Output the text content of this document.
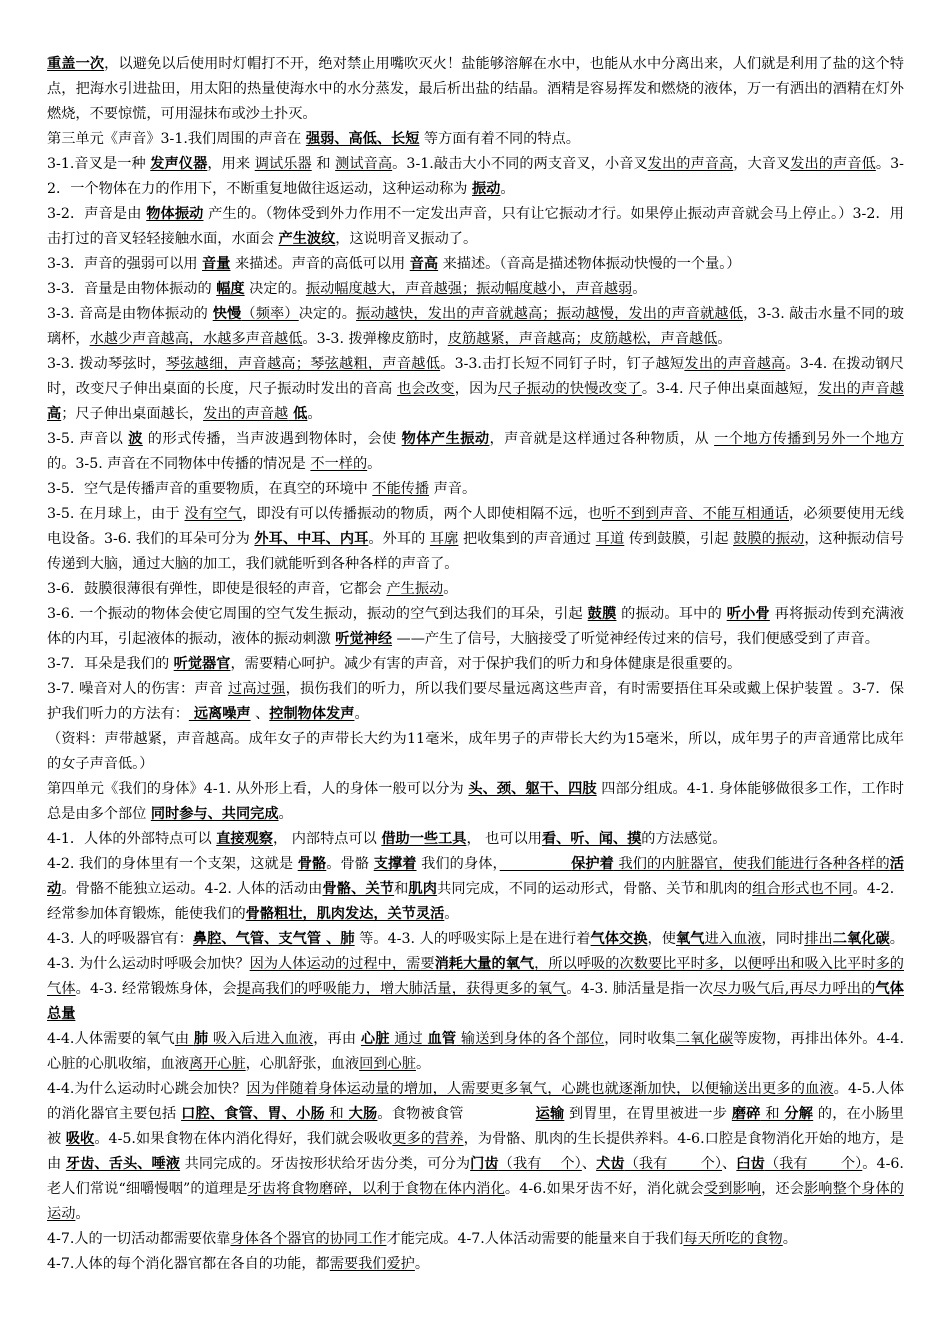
重盖一次，以避免以后使用时灯帽打不开，绝对禁止用嘴吹灭火！盐能够溶解在水中，也能从水中分离出来，人们就是利用了盐的这个特点，把海水引进盐田，用太阳的热量使海水中的水分蒸发，最后析出盐的结晶。酒精是容易挥发和燃烧的液体，万一有洒出的酒精在灯外燃烧，不要惊慌，可用湿抹布或沙土扑灭。

第三单元《声音》3-1.我们周围的声音在 强弱、高低、长短 等方面有着不同的特点。

3-1.音叉是一种 发声仪器，用来 调试乐器 和 测试音高。3-1.敲击大小不同的两支音叉，小音叉发出的声音高，大音叉发出的声音低。3-2．一个物体在力的作用下，不断重复地做往返运动，这种运动称为 振动。

3-2．声音是由 物体振动 产生的。（物体受到外力作用不一定发出声音，只有让它振动才行。如果停止振动声音就会马上停止。）3-2．用击打过的音叉轻轻接触水面，水面会 产生波纹，这说明音叉振动了。

3-3．声音的强弱可以用 音量 来描述。声音的高低可以用 音高 来描述。（音高是描述物体振动快慢的一个量。）

3-3．音量是由物体振动的 幅度 决定的。振动幅度越大，声音越强；振动幅度越小，声音越弱。

3-3. 音高是由物体振动的 快慢（频率）决定的。振动越快，发出的声音就越高；振动越慢，发出的声音就越低，3-3. 敲击水量不同的玻璃杯，水越少声音越高，水越多声音越低。3-3. 拨弹橡皮筋时，皮筋越紧，声音越高；皮筋越松，声音越低。

3-3. 拨动琴弦时，琴弦越细，声音越高；琴弦越粗，声音越低。3-3.击打长短不同钉子时，钉子越短发出的声音越高。3-4. 在拨动钢尺时，改变尺子伸出桌面的长度，尺子振动时发出的音高 也会改变，因为尺子振动的快慢改变了。3-4. 尺子伸出桌面越短，发出的声音越 高；尺子伸出桌面越长，发出的声音越 低。

3-5. 声音以 波 的形式传播，当声波遇到物体时，会使 物体产生振动，声音就是这样通过各种物质，从 一个地方传播到另外一个地方 的。3-5. 声音在不同物体中传播的情况是 不一样的。

3-5．空气是传播声音的重要物质，在真空的环境中 不能传播 声音。

3-5. 在月球上，由于 没有空气，即没有可以传播振动的物质，两个人即使相隔不远，也听不到到声音、不能互相通话，必须要使用无线电设备。3-6. 我们的耳朵可分为 外耳、中耳、内耳。外耳的 耳廓 把收集到的声音通过 耳道 传到鼓膜，引起 鼓膜的振动，这种振动信号传递到大脑，通过大脑的加工，我们就能听到各种各样的声音了。

3-6．鼓膜很薄很有弹性，即使是很轻的声音，它都会 产生振动。

3-6. 一个振动的物体会使它周围的空气发生振动，振动的空气到达我们的耳朵，引起 鼓膜 的振动。耳中的 听小骨 再将振动传到充满液体的内耳，引起液体的振动，液体的振动刺激 听觉神经 ——产生了信号，大脑接受了听觉神经传过来的信号，我们便感受到了声音。

3-7．耳朵是我们的 听觉器官，需要精心呵护。减少有害的声音，对于保护我们的听力和身体健康是很重要的。

3-7. 噪音对人的伤害：声音 过高过强，损伤我们的听力，所以我们要尽量远离这些声音，有时需要捂住耳朵或戴上保护装置 。3-7．保护我们听力的方法有： 远离噪声 、控制物体发声。

（资料：声带越紧，声音越高。成年女子的声带长大约为11毫米，成年男子的声带长大约为15毫米，所以，成年男子的声音通常比成年的女子声音低。）

第四单元《我们的身体》4-1. 从外形上看，人的身体一般可以分为 头、颈、躯干、四肢 四部分组成。4-1. 身体能够做很多工作，工作时总是由多个部位 同时参与、共同完成。

4-1．人体的外部特点可以 直接观察， 内部特点可以 借助一些工具， 也可以用看、听、闻、摸的方法感觉。

4-2. 我们的身体里有一个支架，这就是 骨骼。骨骼 支撑着 我们的身体，　　　　　	保护着 我们的内脏器官，使我们能进行各种各样的活动。骨骼不能独立运动。4-2. 人体的活动由骨骼、关节和肌肉共同完成，不同的运动形式，骨骼、关节和肌肉的组合形式也不同。4-2．经常参加体育锻炼，能使我们的骨骼粗壮，肌肉发达，关节灵活。

4-3. 人的呼吸器官有：鼻腔、气管、支气管 、肺 等。4-3. 人的呼吸实际上是在进行着气体交换，使氧气进入血液，同时排出二氧化碳。4-3. 为什么运动时呼吸会加快？因为人体运动的过程中，需要消耗大量的氧气，所以呼吸的次数要比平时多，以便呼出和吸入比平时多的气体。4-3. 经常锻炼身体，会提高我们的呼吸能力，增大肺活量，获得更多的氧气。4-3. 肺活量是指一次尽力吸气后,再尽力呼出的气体总量

4-4.人体需要的氧气由 肺 吸入后进入血液，再由 心脏 通过 血管 输送到身体的各个部位，同时收集二氧化碳等废物，再排出体外。4-4.心脏的心肌收缩，血液离开心脏，心肌舒张，血液回到心脏。

4-4.为什么运动时心跳会加快？因为伴随着身体运动量的增加，人需要更多氧气，心跳也就逐渐加快，以便输送出更多的血液。4-5.人体的消化器官主要包括 口腔、食管、胃、小肠 和 大肠。食物被食管　　　　　运输 到胃里，在胃里被进一步 磨碎 和 分解 的，在小肠里被 吸收。4-5.如果食物在体内消化得好，我们就会吸收更多的营养，为骨骼、肌肉的生长提供养料。4-6.口腔是食物消化开始的地方，是由 牙齿、舌头、唾液 共同完成的。牙齿按形状给牙齿分类，可分为门齿（我有　 个）、犬齿（我有　　 个）、臼齿（我有　　 个）。4-6.老人们常说“细嚼慢咽”的道理是牙齿将食物磨碎，以利于食物在体内消化。4-6.如果牙齿不好，消化就会受到影响，还会影响整个身体的运动。

4-7.人的一切活动都需要依靠身体各个器官的协同工作才能完成。4-7.人体活动需要的能量来自于我们每天所吃的食物。

4-7.人体的每个消化器官都在各自的功能，都需要我们爱护。
